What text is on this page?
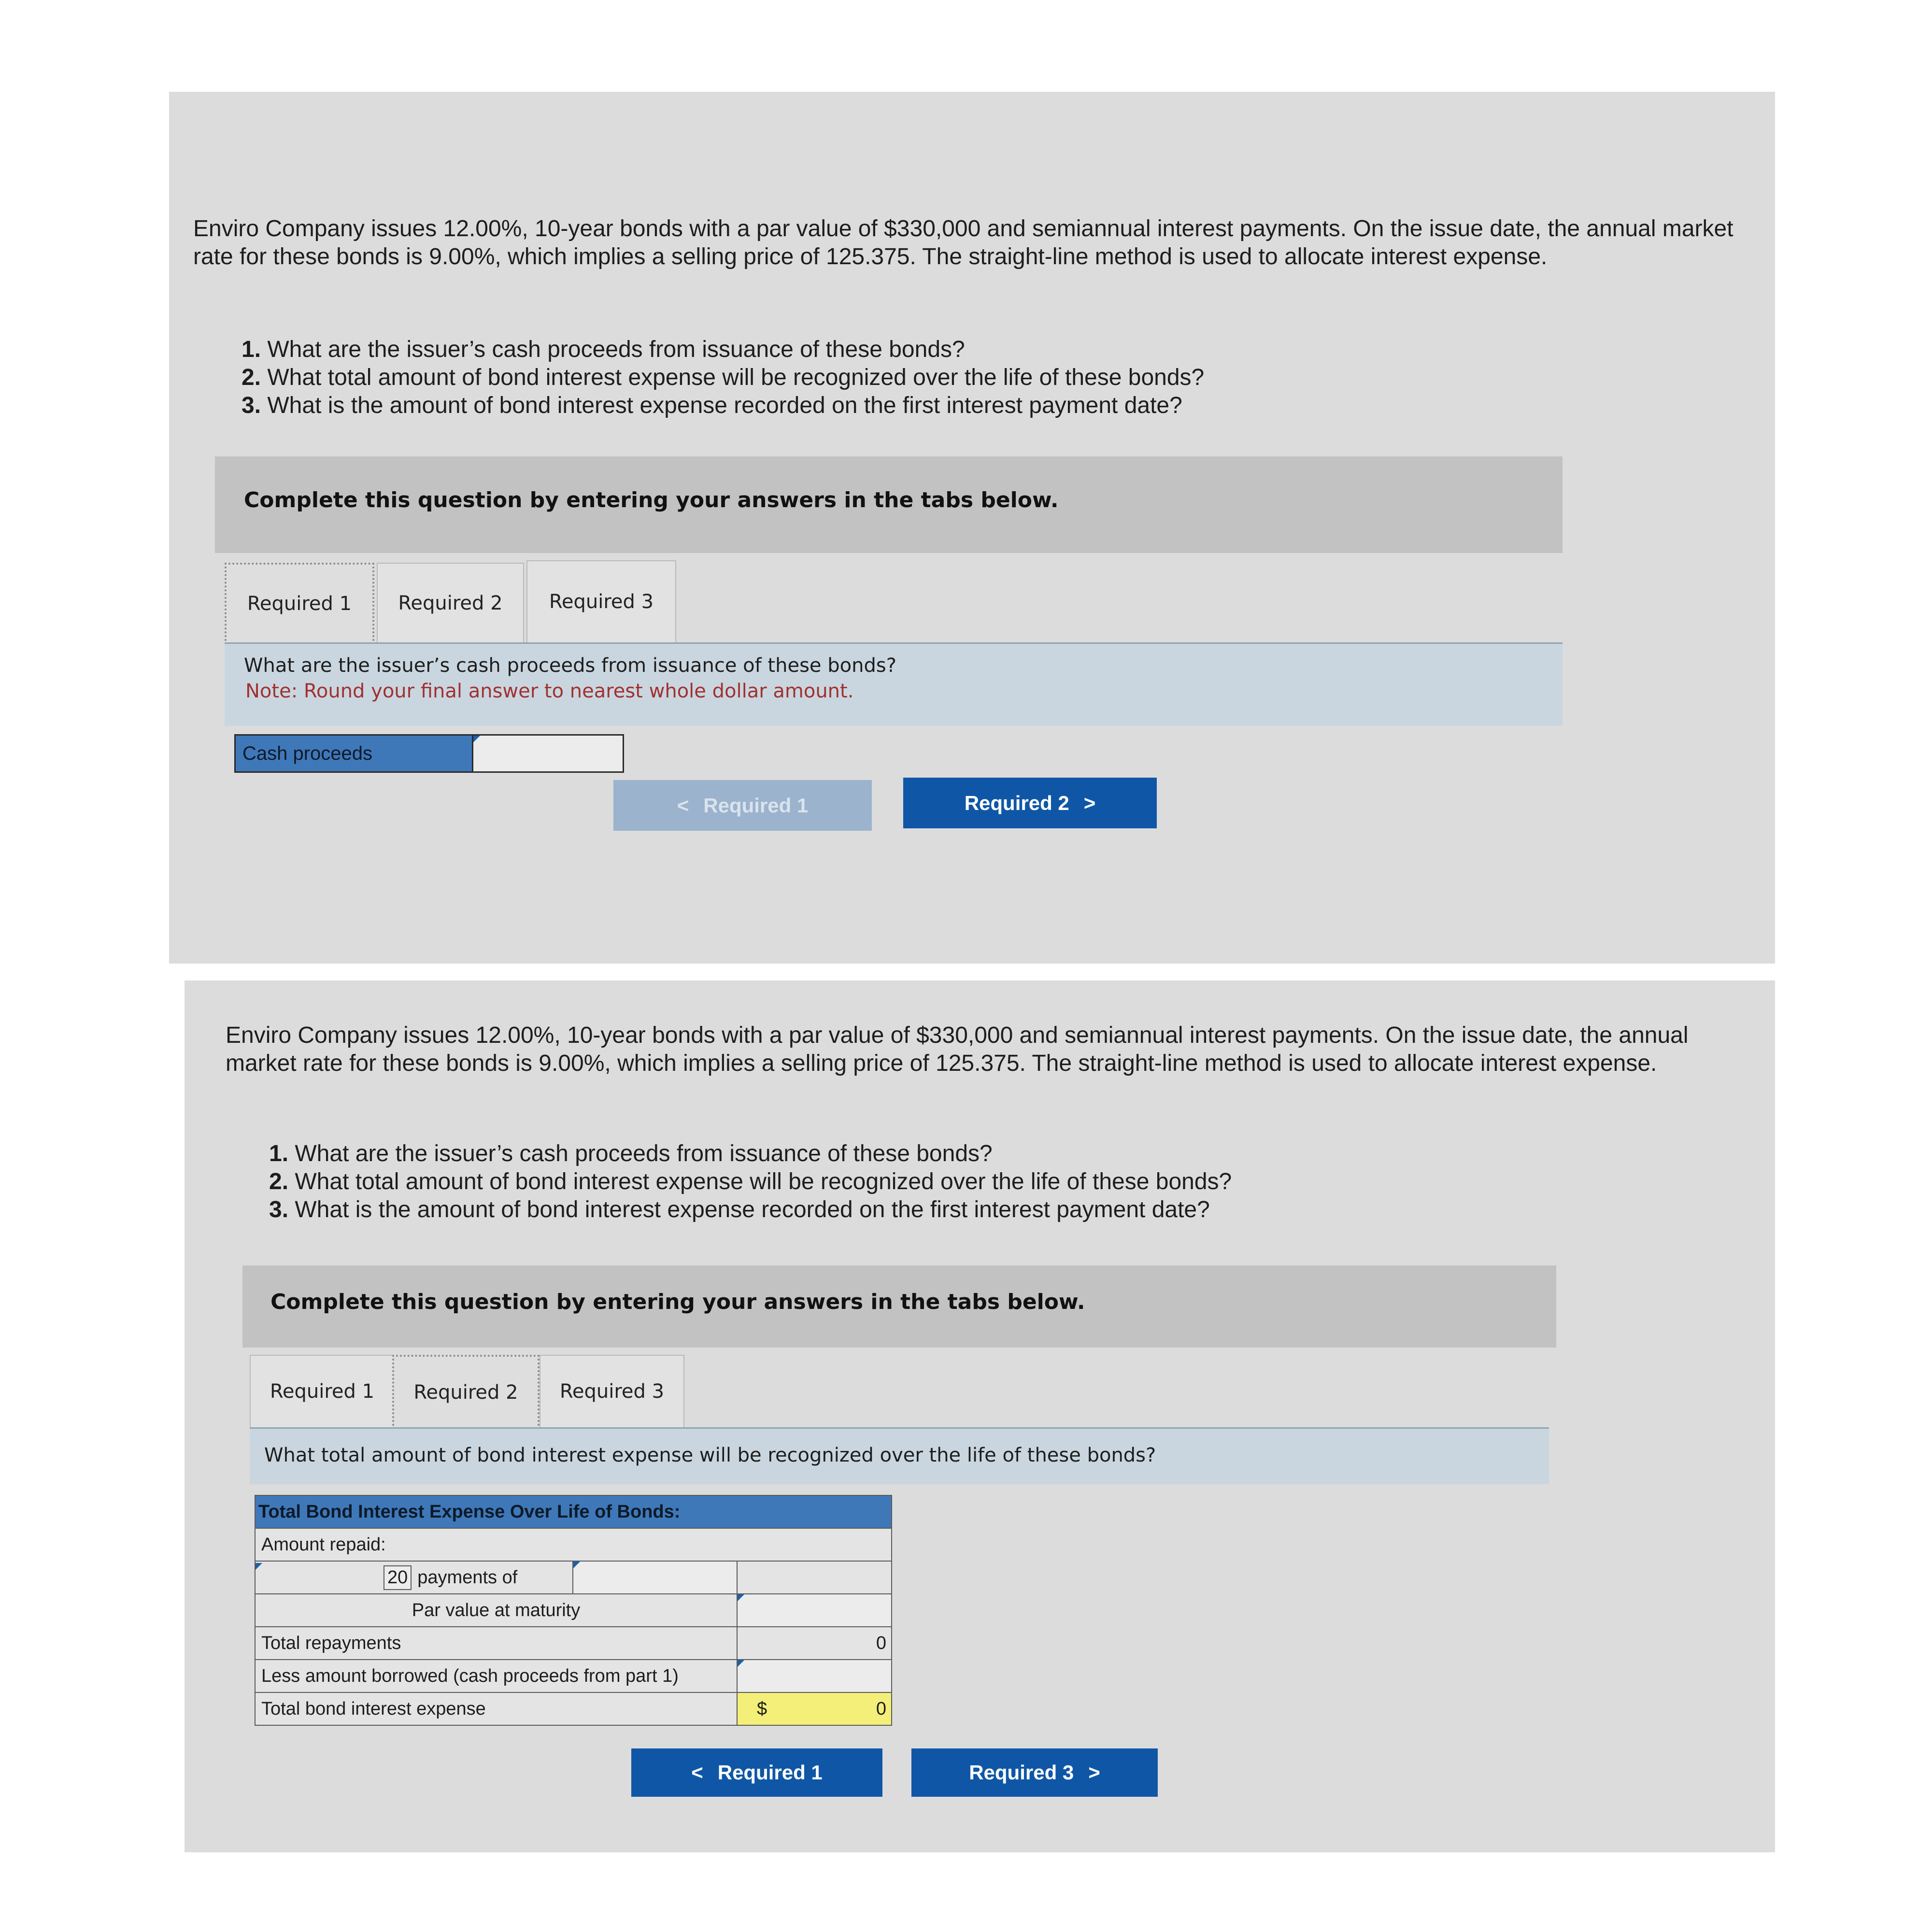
Enviro Company issues 12.00%, 10-year bonds with a par value of $330,000 and semiannual interest payments. On the issue date, the annual market rate for these bonds is 9.00%, which implies a selling price of 125.375. The straight-line method is used to allocate interest expense.
1. What are the issuer’s cash proceeds from issuance of these bonds?
2. What total amount of bond interest expense will be recognized over the life of these bonds?
3. What is the amount of bond interest expense recorded on the first interest payment date?
Complete this question by entering your answers in the tabs below.
Required 1	Required 2	Required 3
What are the issuer’s cash proceeds from issuance of these bonds?
Note: Round your final answer to nearest whole dollar amount.
Cash proceeds
< Required 1	Required 2 >
Enviro Company issues 12.00%, 10-year bonds with a par value of $330,000 and semiannual interest payments. On the issue date, the annual market rate for these bonds is 9.00%, which implies a selling price of 125.375. The straight-line method is used to allocate interest expense.
1. What are the issuer’s cash proceeds from issuance of these bonds?
2. What total amount of bond interest expense will be recognized over the life of these bonds?
3. What is the amount of bond interest expense recorded on the first interest payment date?
Complete this question by entering your answers in the tabs below.
Required 1	Required 2	Required 3
What total amount of bond interest expense will be recognized over the life of these bonds?
Total Bond Interest Expense Over Life of Bonds:		
Amount repaid:		

20 payments of		

Par value at maturity		

Total repayments		0
Less amount borrowed (cash proceeds from part 1)		

Total bond interest expense		$ 0
< Required 1	Required 3 >
